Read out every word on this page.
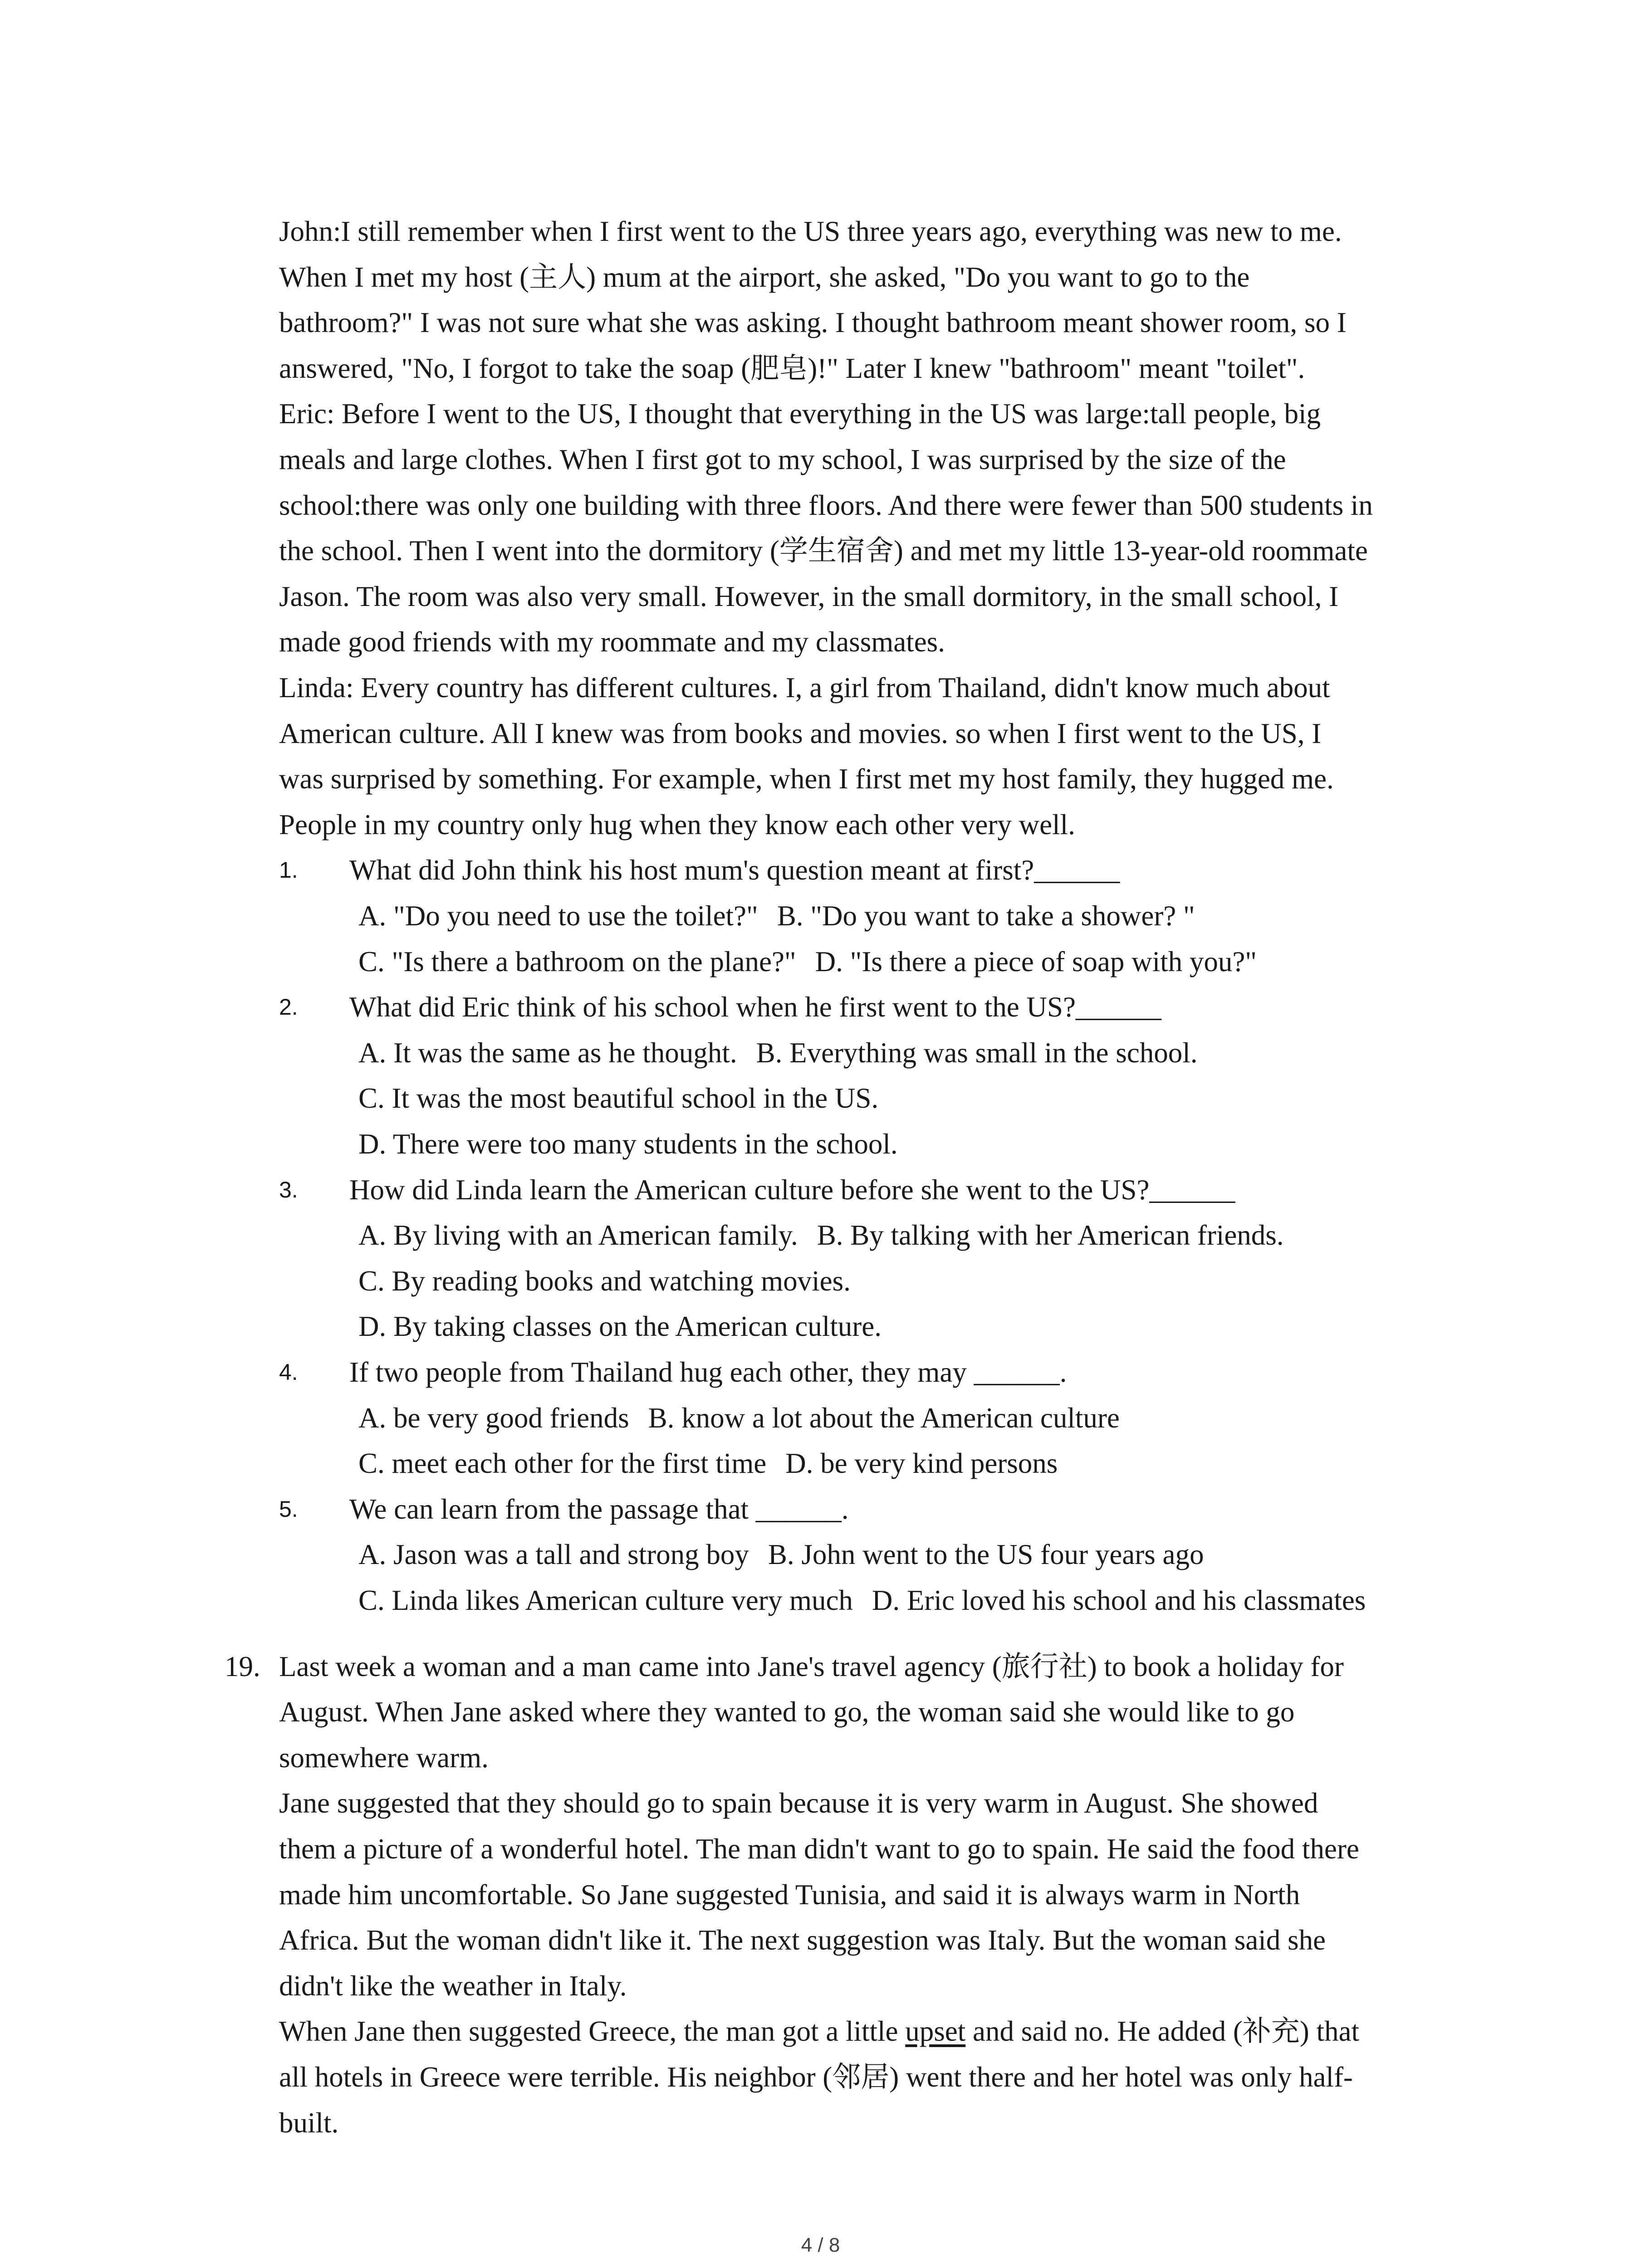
John:I still remember when I first went to the US three years ago, everything was new to me.
When I met my host (主人) mum at the airport, she asked, "Do you want to go to the
bathroom?" I was not sure what she was asking. I thought bathroom meant shower room, so I
answered, "No, I forgot to take the soap (肥皂)!" Later I knew "bathroom" meant "toilet".
Eric: Before I went to the US, I thought that everything in the US was large:tall people, big
meals and large clothes. When I first got to my school, I was surprised by the size of the
school:there was only one building with three floors. And there were fewer than 500 students in
the school. Then I went into the dormitory (学生宿舍) and met my little 13-year-old roommate
Jason. The room was also very small. However, in the small dormitory, in the small school, I
made good friends with my roommate and my classmates.
Linda: Every country has different cultures. I, a girl from Thailand, didn't know much about
American culture. All I knew was from books and movies. so when I first went to the US, I
was surprised by something. For example, when I first met my host family, they hugged me.
People in my country only hug when they know each other very well.
1. What did John think his host mum's question meant at first?______
A. "Do you need to use the toilet?" B. "Do you want to take a shower? "
C. "Is there a bathroom on the plane?" D. "Is there a piece of soap with you?"
2. What did Eric think of his school when he first went to the US?______
A. It was the same as he thought. B. Everything was small in the school.
C. It was the most beautiful school in the US.
D. There were too many students in the school.
3. How did Linda learn the American culture before she went to the US?______
A. By living with an American family. B. By talking with her American friends.
C. By reading books and watching movies.
D. By taking classes on the American culture.
4. If two people from Thailand hug each other, they may ______.
A. be very good friends B. know a lot about the American culture
C. meet each other for the first time D. be very kind persons
5. We can learn from the passage that ______.
A. Jason was a tall and strong boy B. John went to the US four years ago
C. Linda likes American culture very much D. Eric loved his school and his classmates
19. Last week a woman and a man came into Jane's travel agency (旅行社) to book a holiday for
August. When Jane asked where they wanted to go, the woman said she would like to go
somewhere warm.
Jane suggested that they should go to spain because it is very warm in August. She showed
them a picture of a wonderful hotel. The man didn't want to go to spain. He said the food there
made him uncomfortable. So Jane suggested Tunisia, and said it is always warm in North
Africa. But the woman didn't like it. The next suggestion was Italy. But the woman said she
didn't like the weather in Italy.
When Jane then suggested Greece, the man got a little upset and said no. He added (补充) that
all hotels in Greece were terrible. His neighbor (邻居) went there and her hotel was only half-
built.
4 / 8
